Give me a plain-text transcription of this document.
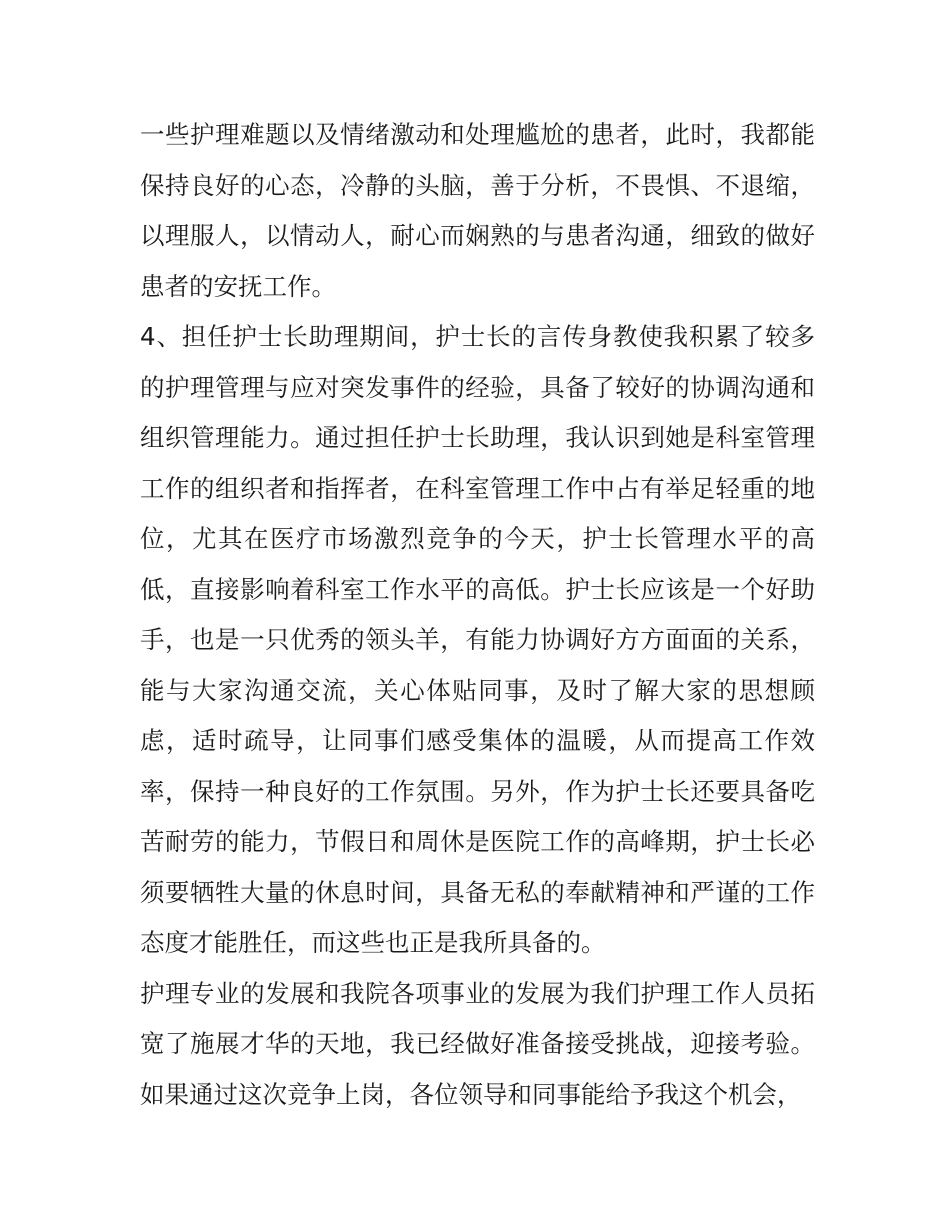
一些护理难题以及情绪激动和处理尴尬的患者，此时，我都能保持良好的心态，冷静的头脑，善于分析，不畏惧、不退缩，以理服人，以情动人，耐心而娴熟的与患者沟通，细致的做好患者的安抚工作。

4、担任护士长助理期间，护士长的言传身教使我积累了较多的护理管理与应对突发事件的经验，具备了较好的协调沟通和组织管理能力。通过担任护士长助理，我认识到她是科室管理工作的组织者和指挥者，在科室管理工作中占有举足轻重的地位，尤其在医疗市场激烈竞争的今天，护士长管理水平的高低，直接影响着科室工作水平的高低。护士长应该是一个好助手，也是一只优秀的领头羊，有能力协调好方方面面的关系，能与大家沟通交流，关心体贴同事，及时了解大家的思想顾虑，适时疏导，让同事们感受集体的温暖，从而提高工作效率，保持一种良好的工作氛围。另外，作为护士长还要具备吃苦耐劳的能力，节假日和周休是医院工作的高峰期，护士长必须要牺牲大量的休息时间，具备无私的奉献精神和严谨的工作态度才能胜任，而这些也正是我所具备的。

护理专业的发展和我院各项事业的发展为我们护理工作人员拓宽了施展才华的天地，我已经做好准备接受挑战，迎接考验。如果通过这次竞争上岗，各位领导和同事能给予我这个机会，
